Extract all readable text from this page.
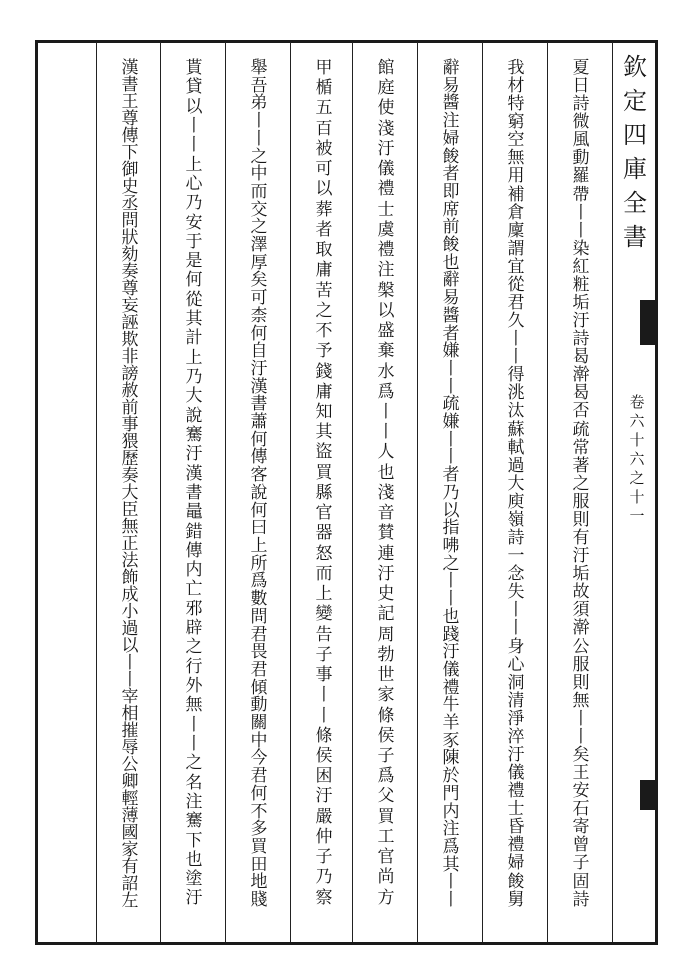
欽
定
四
庫
全
書
卷
六
十
六
之
十
一
夏
日
詩
微
風
動
羅
帶
丨
丨
染
紅
粧
垢
汙
詩
曷
澣
曷
否
疏
常
著
之
服
則
有
汙
垢
故
須
澣
公
服
則
無
丨
丨
矣
王
安
石
寄
曾
子
固
詩
我
材
特
窮
空
無
用
補
倉
廩
謂
宜
從
君
久
丨
丨
得
洮
汰
蘇
軾
過
大
庾
嶺
詩
一
念
失
丨
丨
身
心
洞
清
淨
淬
汙
儀
禮
士
昏
禮
婦
餕
舅
辭
易
醬
注
婦
餕
者
即
席
前
餕
也
辭
易
醬
者
嫌
丨
丨
疏
嫌
丨
丨
者
乃
以
指
咈
之
丨
丨
也
踐
汙
儀
禮
牛
羊
豕
陳
於
門
内
注
爲
其
丨
丨
館
庭
使
淺
汙
儀
禮
士
虞
禮
注
槃
以
盛
棄
水
爲
丨
丨
人
也
淺
音
賛
連
汙
史
記
周
勃
世
家
條
侯
子
爲
父
買
工
官
尚
方
甲
楯
五
百
被
可
以
葬
者
取
庸
苦
之
不
予
錢
庸
知
其
盜
買
縣
官
器
怒
而
上
變
告
子
事
丨
丨
條
侯
困
汙
嚴
仲
子
乃
察
舉
吾
弟
丨
丨
之
中
而
交
之
澤
厚
矣
可
柰
何
自
汙
漢
書
蕭
何
傳
客
說
何
曰
上
所
爲
數
問
君
畏
君
傾
動
關
中
今
君
何
不
多
買
田
地
賤
貰
貸
以
丨
丨
上
心
乃
安
于
是
何
從
其
計
上
乃
大
說
騫
汙
漢
書
鼂
錯
傳
内
亡
邪
辟
之
行
外
無
丨
丨
之
名
注
騫
下
也
塗
汙
漢
書
王
尊
傳
下
御
史
丞
問
狀
劾
奏
尊
妄
誣
欺
非
謗
赦
前
事
猥
歷
奏
大
臣
無
正
法
飾
成
小
過
以
丨
丨
宰
相
摧
辱
公
卿
輕
薄
國
家
有
詔
左
